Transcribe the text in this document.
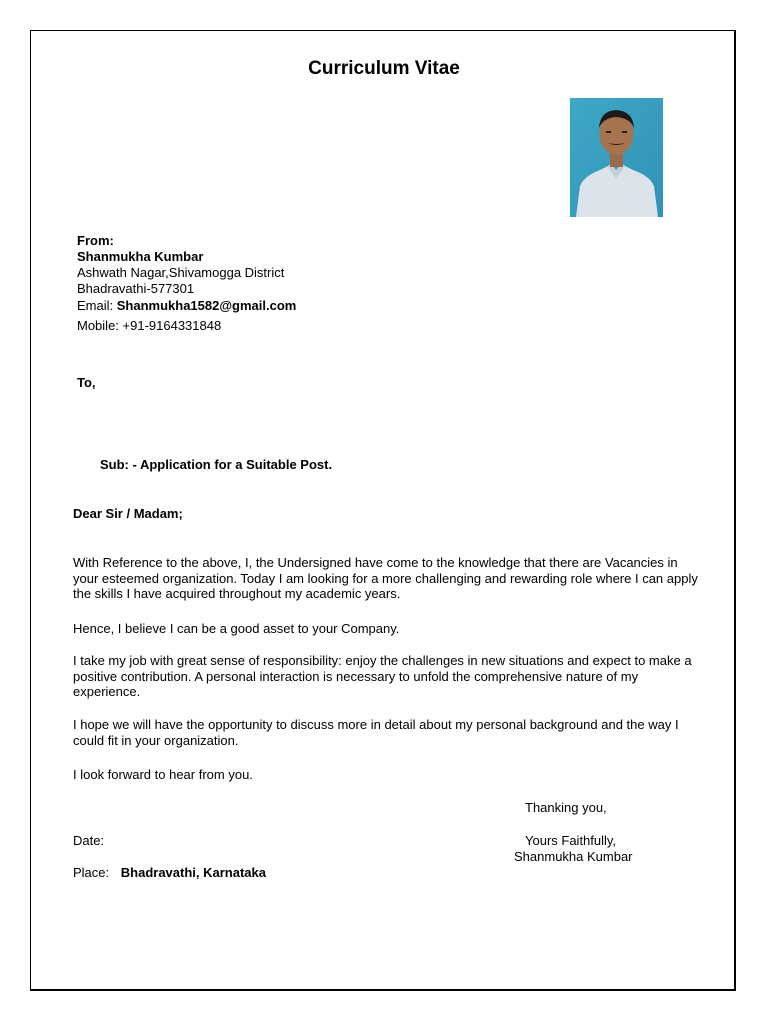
Curriculum Vitae
From:
Shanmukha Kumbar
Ashwath Nagar,Shivamogga District
Bhadravathi-577301
Email: Shanmukha1582@gmail.com
Mobile: +91-9164331848
To,
Sub: - Application for a Suitable Post.
Dear Sir / Madam;
With Reference to the above, I, the Undersigned have come to the knowledge that there are Vacancies in your esteemed organization. Today I am looking for a more challenging and rewarding role where I can apply the skills I have acquired throughout my academic years.
Hence, I believe I can be a good asset to your Company.
I take my job with great sense of responsibility: enjoy the challenges in new situations and expect to make a positive contribution. A personal interaction is necessary to unfold the comprehensive nature of my experience.
I hope we will have the opportunity to discuss more in detail about my personal background and the way I could fit in your organization.
I look forward to hear from you.
Thanking you,
Date:	Yours Faithfully,
Shanmukha Kumbar
Place: Bhadravathi, Karnataka
